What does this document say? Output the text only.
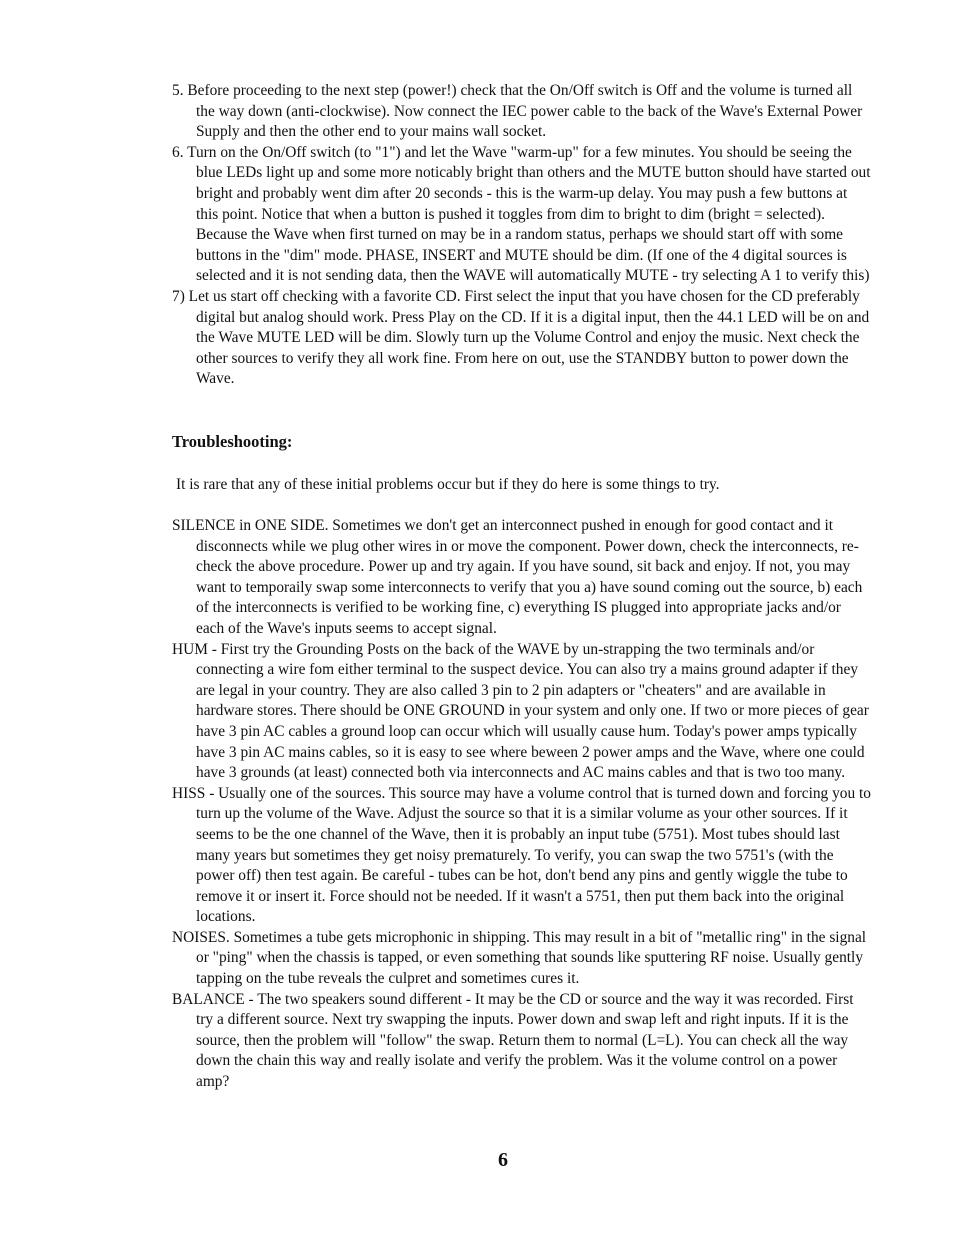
5. Before proceeding to the next step (power!) check that the On/Off switch is Off and the volume is turned all the way down (anti-clockwise). Now connect the IEC power cable to the back of the Wave's External Power Supply and then the other end to your mains wall socket.

6. Turn on the On/Off switch (to "1") and let the Wave "warm-up" for a few minutes. You should be seeing the blue LEDs light up and some more noticably bright than others and the MUTE button should have started out bright and probably went dim after 20 seconds - this is the warm-up delay. You may push a few buttons at this point. Notice that when a button is pushed it toggles from dim to bright to dim (bright = selected). Because the Wave when first turned on may be in a random status, perhaps we should start off with some buttons in the "dim" mode. PHASE, INSERT and MUTE should be dim. (If one of the 4 digital sources is selected and it is not sending data, then the WAVE will automatically MUTE - try selecting A 1 to verify this)

7) Let us start off checking with a favorite CD. First select the input that you have chosen for the CD preferably digital but analog should work. Press Play on the CD. If it is a digital input, then the 44.1 LED will be on and the Wave MUTE LED will be dim. Slowly turn up the Volume Control and enjoy the music. Next check the other sources to verify they all work fine. From here on out, use the STANDBY button to power down the Wave.

Troubleshooting:

It is rare that any of these initial problems occur but if they do here is some things to try.

SILENCE in ONE SIDE. Sometimes we don't get an interconnect pushed in enough for good contact and it disconnects while we plug other wires in or move the component. Power down, check the interconnects, re-check the above procedure. Power up and try again. If you have sound, sit back and enjoy. If not, you may want to temporaily swap some interconnects to verify that you a) have sound coming out the source, b) each of the interconnects is verified to be working fine, c) everything IS plugged into appropriate jacks and/or each of the Wave's inputs seems to accept signal.

HUM - First try the Grounding Posts on the back of the WAVE by un-strapping the two terminals and/or connecting a wire fom either terminal to the suspect device. You can also try a mains ground adapter if they are legal in your country. They are also called 3 pin to 2 pin adapters or "cheaters" and are available in hardware stores. There should be ONE GROUND in your system and only one. If two or more pieces of gear have 3 pin AC cables a ground loop can occur which will usually cause hum. Today's power amps typically have 3 pin AC mains cables, so it is easy to see where beween 2 power amps and the Wave, where one could have 3 grounds (at least) connected both via interconnects and AC mains cables and that is two too many.

HISS - Usually one of the sources. This source may have a volume control that is turned down and forcing you to turn up the volume of the Wave. Adjust the source so that it is a similar volume as your other sources. If it seems to be the one channel of the Wave, then it is probably an input tube (5751). Most tubes should last many years but sometimes they get noisy prematurely. To verify, you can swap the two 5751's (with the power off) then test again. Be careful - tubes can be hot, don't bend any pins and gently wiggle the tube to remove it or insert it. Force should not be needed. If it wasn't a 5751, then put them back into the original locations.

NOISES. Sometimes a tube gets microphonic in shipping. This may result in a bit of "metallic ring" in the signal or "ping" when the chassis is tapped, or even something that sounds like sputtering RF noise. Usually gently tapping on the tube reveals the culpret and sometimes cures it.

BALANCE - The two speakers sound different - It may be the CD or source and the way it was recorded. First try a different source. Next try swapping the inputs. Power down and swap left and right inputs. If it is the source, then the problem will "follow" the swap. Return them to normal (L=L). You can check all the way down the chain this way and really isolate and verify the problem. Was it the volume control on a power amp?

6
